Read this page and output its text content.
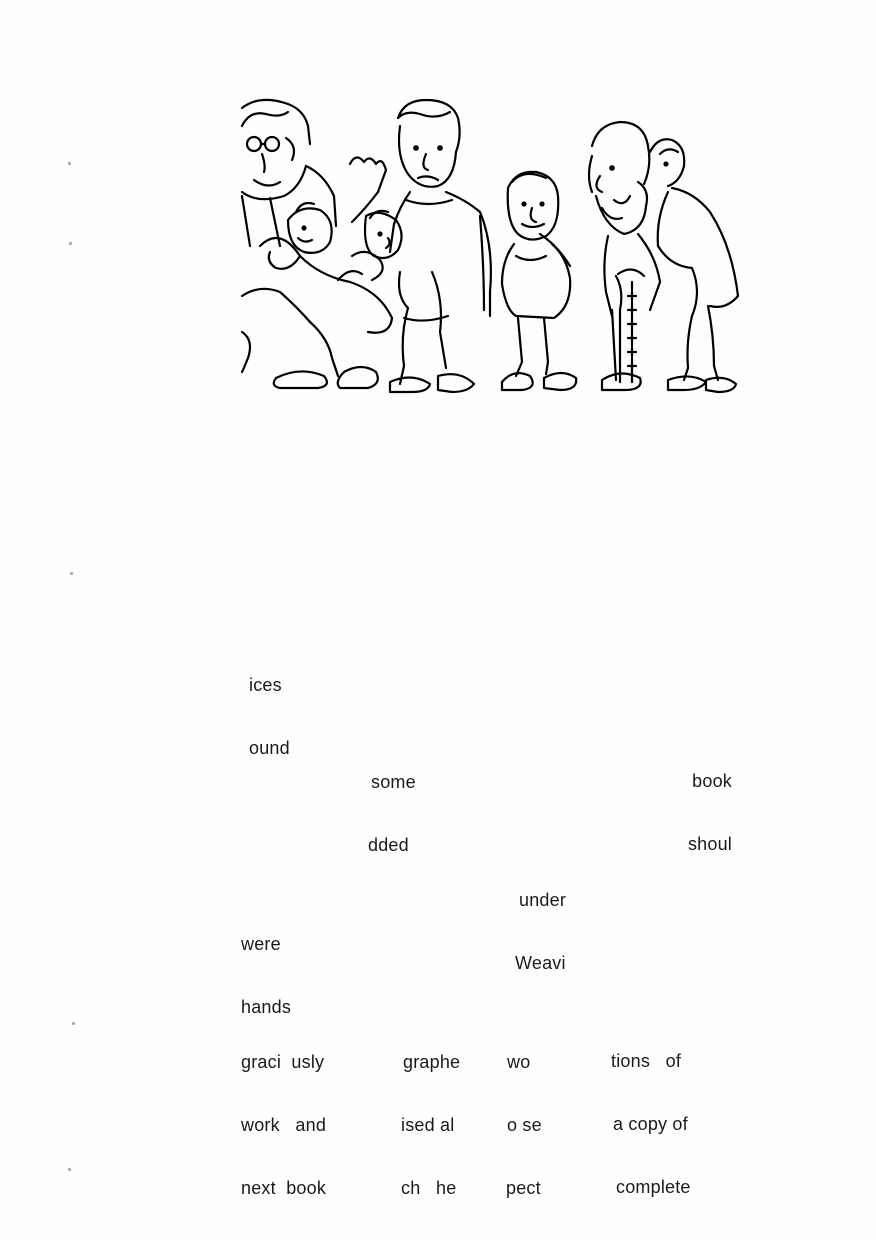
ices

ound

some

dded

book

shoul

under

Weavi

were

hands

graci  usly

work   and

next  book

graphe

ised al

ch   he

wo

o se

pect

tions   of

a copy of

complete
